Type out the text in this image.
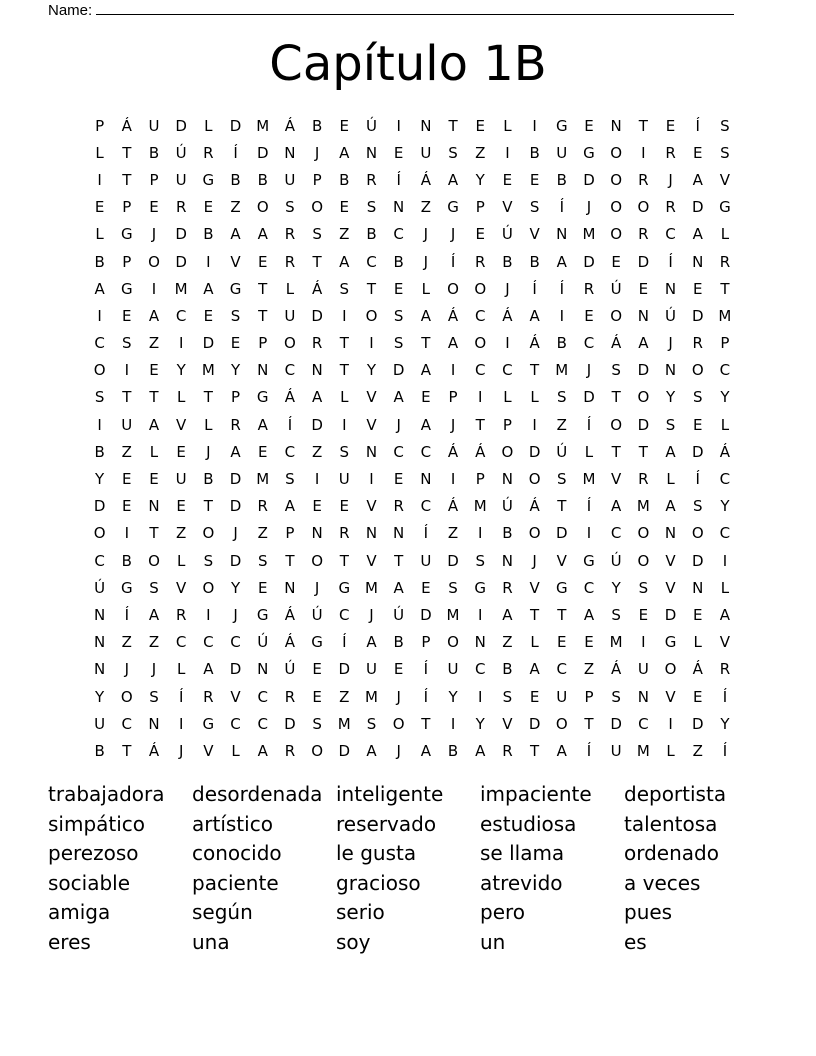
Name:
Capítulo 1B
P	Á	U	D	L	D M	Á	B	E	Ú	I	N	T	E	L	I	G	E	N	T	E	Í	S
L	T	B	Ú	R	Í	D	N	J	A	N	E	U	S	Z	I	B	U	G	O	I	R	E	S
I	T	P	U	G	B	B	U	P	B	R	Í	Á	A	Y	E	E	B	D	O	R	J	A	V
E	P	E	R	E	Z	O	S	O	E	S	N	Z	G	P	V	S	Í	J	O	O	R	D	G
L	G	J	D	B	A	A	R	S	Z	B	C	J	J	E	Ú	V	N	M O	R	C	A	L
B	P	O	D	I	V	E	R	T	A	C	B	J	Í	R	B	B	A	D	E	D	Í	N	R
A	G	I	M	A	G	T	L	Á	S	T	E	L	O	O	J	Í	Í	R	Ú	E	N	E	T
I	E	A	C	E	S	T	U	D	I	O	S	A	Á	C	Á	A	I	E	O	N	Ú	D M
C	S	Z	I	D	E	P	O	R	T	I	S	T	A	O	I	Á	B	C	Á	A	J	R	P
O	I	E	Y	M	Y	N	C	N	T	Y	D	A	I	C	C	T	M	J	S	D	N	O	C
S	T	T	L	T	P	G	Á	A	L	V	A	E	P	I	L	L	S	D	T	O	Y	S	Y
I	U	A	V	L	R	A	Í	D	I	V	J	A	J	T	P	I	Z	Í	O	D	S	E	L
B	Z	L	E	J	A	E	C	Z	S	N	C	C	Á	Á	O	D	Ú	L	T	T	A	D	Á
Y	E	E	U	B	D M	S	I	U	I	E	N	I	P	N	O	S	M	V	R	L	Í	C
D	E	N	E	T	D	R	A	E	E	V	R	C	Á	M	Ú	Á	T	Í	A	M	A	S	Y
O	I	T	Z	O	J	Z	P	N	R	N	N	Í	Z	I	B	O	D	I	C	O	N	O	C
C	B	O	L	S	D	S	T	O	T	V	T	U	D	S	N	J	V	G	Ú	O	V	D	I
Ú	G	S	V	O	Y	E	N	J	G M	A	E	S	G	R	V	G	C	Y	S	V	N	L
N	Í	A	R	I	J	G	Á	Ú	C	J	Ú	D M	I	A	T	T	A	S	E	D	E	A
N	Z	Z	C	C	C	Ú	Á	G	Í	A	B	P	O	N	Z	L	E	E	M	I	G	L	V
N	J	J	L	A	D	N	Ú	E	D	U	E	Í	U	C	B	A	C	Z	Á	U	O	Á	R
Y	O	S	Í	R	V	C	R	E	Z	M	J	Í	Y	I	S	E	U	P	S	N	V	E	Í
U	C	N	I	G	C	C	D	S	M	S	O	T	I	Y	V	D	O	T	D	C	I	D	Y
B	T	Á	J	V	L	A	R	O	D	A	J	A	B	A	R	T	A	Í	U	M	L	Z	Í
trabajadora	desordenada inteligente	impaciente	deportista
simpático	artístico	reservado	estudiosa	talentosa
perezoso	conocido	le gusta	se llama	ordenado
sociable	paciente	gracioso	atrevido	a veces
amiga	según	serio	pero	pues
eres	una	soy	un	es
